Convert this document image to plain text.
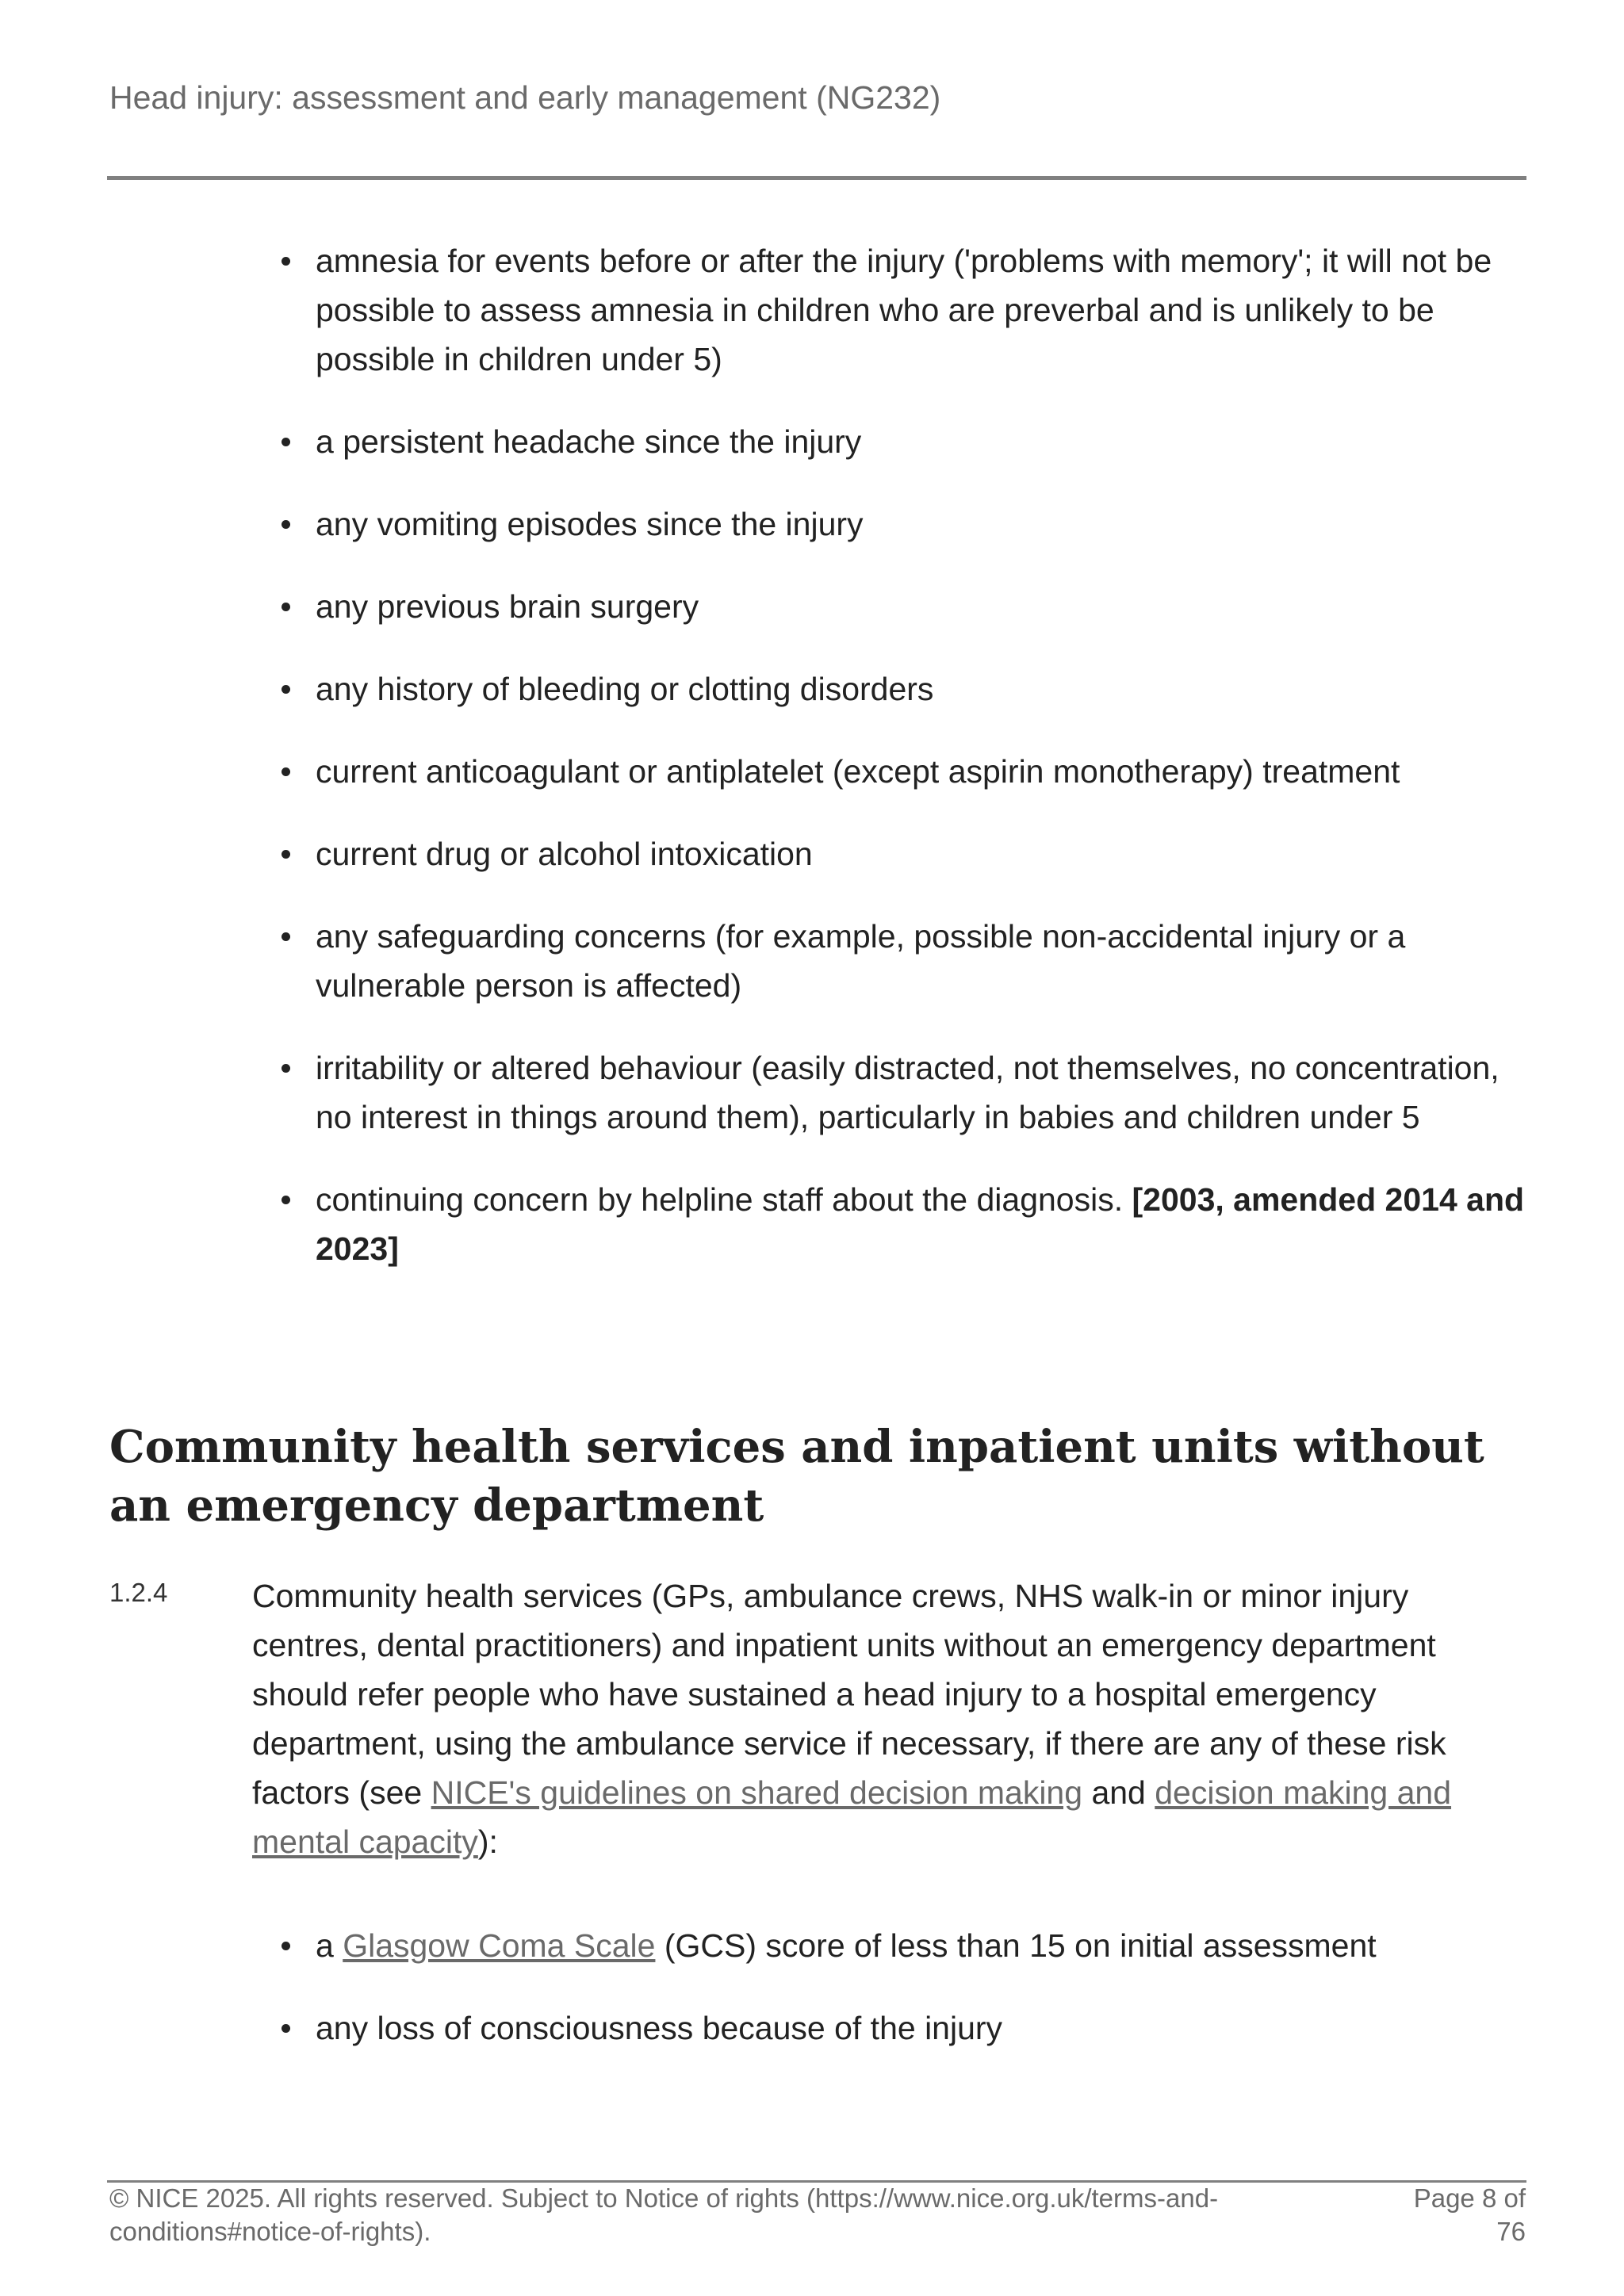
Head injury: assessment and early management (NG232)
amnesia for events before or after the injury ('problems with memory'; it will not be possible to assess amnesia in children who are preverbal and is unlikely to be possible in children under 5)
a persistent headache since the injury
any vomiting episodes since the injury
any previous brain surgery
any history of bleeding or clotting disorders
current anticoagulant or antiplatelet (except aspirin monotherapy) treatment
current drug or alcohol intoxication
any safeguarding concerns (for example, possible non-accidental injury or a vulnerable person is affected)
irritability or altered behaviour (easily distracted, not themselves, no concentration, no interest in things around them), particularly in babies and children under 5
continuing concern by helpline staff about the diagnosis. [2003, amended 2014 and 2023]
Community health services and inpatient units without an emergency department
1.2.4	Community health services (GPs, ambulance crews, NHS walk-in or minor injury centres, dental practitioners) and inpatient units without an emergency department should refer people who have sustained a head injury to a hospital emergency department, using the ambulance service if necessary, if there are any of these risk factors (see NICE's guidelines on shared decision making and decision making and mental capacity):
a Glasgow Coma Scale (GCS) score of less than 15 on initial assessment
any loss of consciousness because of the injury
© NICE 2025. All rights reserved. Subject to Notice of rights (https://www.nice.org.uk/terms-and-conditions#notice-of-rights).
Page 8 of 76
